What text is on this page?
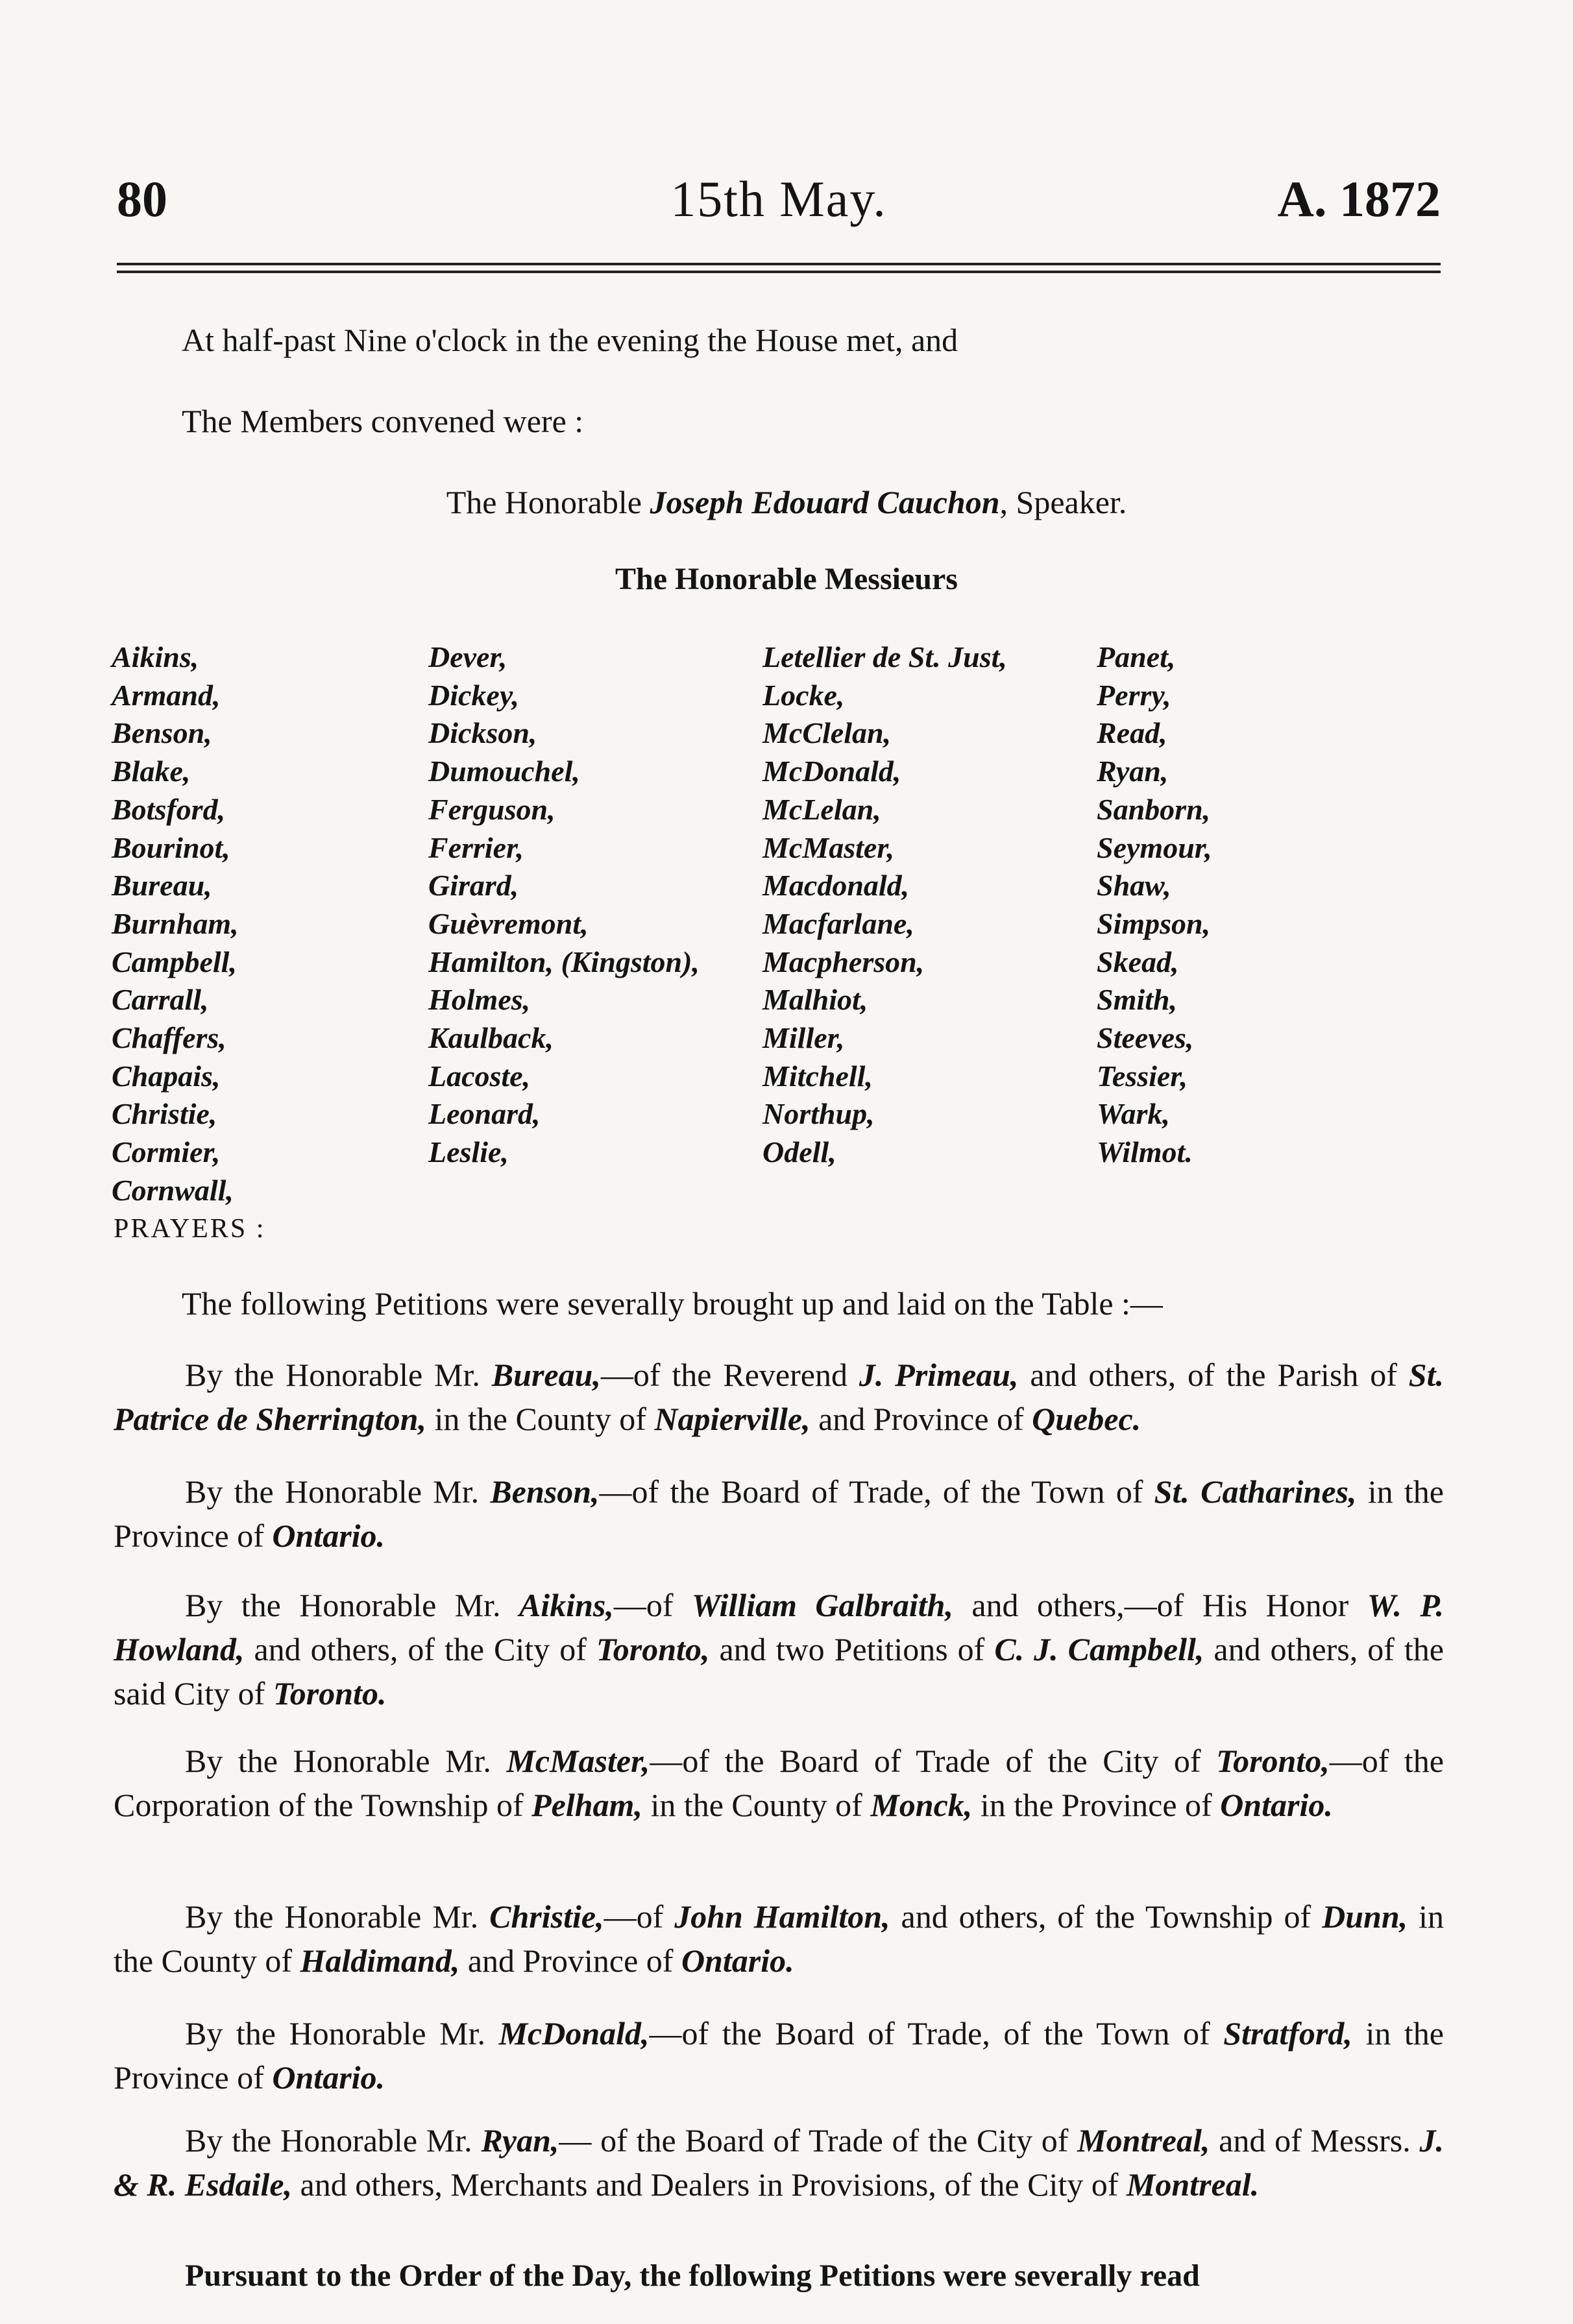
80	15th May.	A. 1872
At half-past Nine o'clock in the evening the House met, and
The Members convened were :
The Honorable Joseph Edouard Cauchon, Speaker.
The Honorable Messieurs
Aikins,
Armand,
Benson,
Blake,
Botsford,
Bourinot,
Bureau,
Burnham,
Campbell,
Carrall,
Chaffers,
Chapais,
Christie,
Cormier,
Cornwall,
Dever,
Dickey,
Dickson,
Dumouchel,
Ferguson,
Ferrier,
Girard,
Guèvremont,
Hamilton, (Kingston),
Holmes,
Kaulback,
Lacoste,
Leonard,
Leslie,
Letellier de St. Just,
Locke,
McClelan,
McDonald,
McLelan,
McMaster,
Macdonald,
Macfarlane,
Macpherson,
Malhiot,
Miller,
Mitchell,
Northup,
Odell,
Panet,
Perry,
Read,
Ryan,
Sanborn,
Seymour,
Shaw,
Simpson,
Skead,
Smith,
Steeves,
Tessier,
Wark,
Wilmot.
PRAYERS :
The following Petitions were severally brought up and laid on the Table :—

By the Honorable Mr. Bureau,—of the Reverend J. Primeau, and others, of the Parish of St. Patrice de Sherrington, in the County of Napierville, and Province of Quebec.

By the Honorable Mr. Benson,—of the Board of Trade, of the Town of St. Catharines, in the Province of Ontario.

By the Honorable Mr. Aikins,—of William Galbraith, and others,—of His Honor W. P. Howland, and others, of the City of Toronto, and two Petitions of C. J. Campbell, and others, of the said City of Toronto.

By the Honorable Mr. McMaster,—of the Board of Trade of the City of Toronto,—of the Corporation of the Township of Pelham, in the County of Monck, in the Province of Ontario.

By the Honorable Mr. Christie,—of John Hamilton, and others, of the Township of Dunn, in the County of Haldimand, and Province of Ontario.

By the Honorable Mr. McDonald,—of the Board of Trade, of the Town of Stratford, in the Province of Ontario.

By the Honorable Mr. Ryan,— of the Board of Trade of the City of Montreal, and of Messrs. J. & R. Esdaile, and others, Merchants and Dealers in Provisions, of the City of Montreal.

Pursuant to the Order of the Day, the following Petitions were severally read
